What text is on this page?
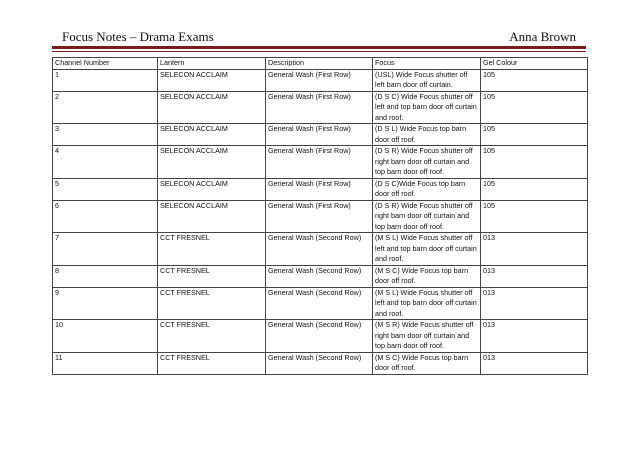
Focus Notes – Drama Exams	Anna Brown
Channel Number	Lantern	Description	Focus	Gel Colour
1	SELECON ACCLAIM	General Wash (First Row)	(USL) Wide Focus shutter off left barn door off curtain.	105
2	SELECON ACCLAIM	General Wash (First Row)	(D S C) Wide Focus shutter off left and top barn door off curtain and roof.	105
3	SELECON ACCLAIM	General Wash (First Row)	(D S L) Wide Focus top barn door off roof.	105
4	SELECON ACCLAIM	General Wash (First Row)	(D S R) Wide Focus shutter off right barn door off curtain and top barn door off roof.	105
5	SELECON ACCLAIM	General Wash (First Row)	(D S C)Wide Focus top barn door off roof.	105
6	SELECON ACCLAIM	General Wash (First Row)	(D S R) Wide Focus shutter off right barn door off curtain and top barn door off roof.	105
7	CCT FRESNEL	General Wash (Second Row)	(M S L) Wide Focus shutter off left and top barn door off curtain and roof.	013
8	CCT FRESNEL	General Wash (Second Row)	(M S C) Wide Focus top barn door off roof.	013
9	CCT FRESNEL	General Wash (Second Row)	(M S L) Wide Focus shutter off left and top barn door off curtain and roof.	013
10	CCT FRESNEL	General Wash (Second Row)	(M S R) Wide Focus shutter off right barn door off curtain and top barn door off roof.	013
11	CCT FRESNEL	General Wash (Second Row)	(M S C) Wide Focus top barn door off roof.	013
